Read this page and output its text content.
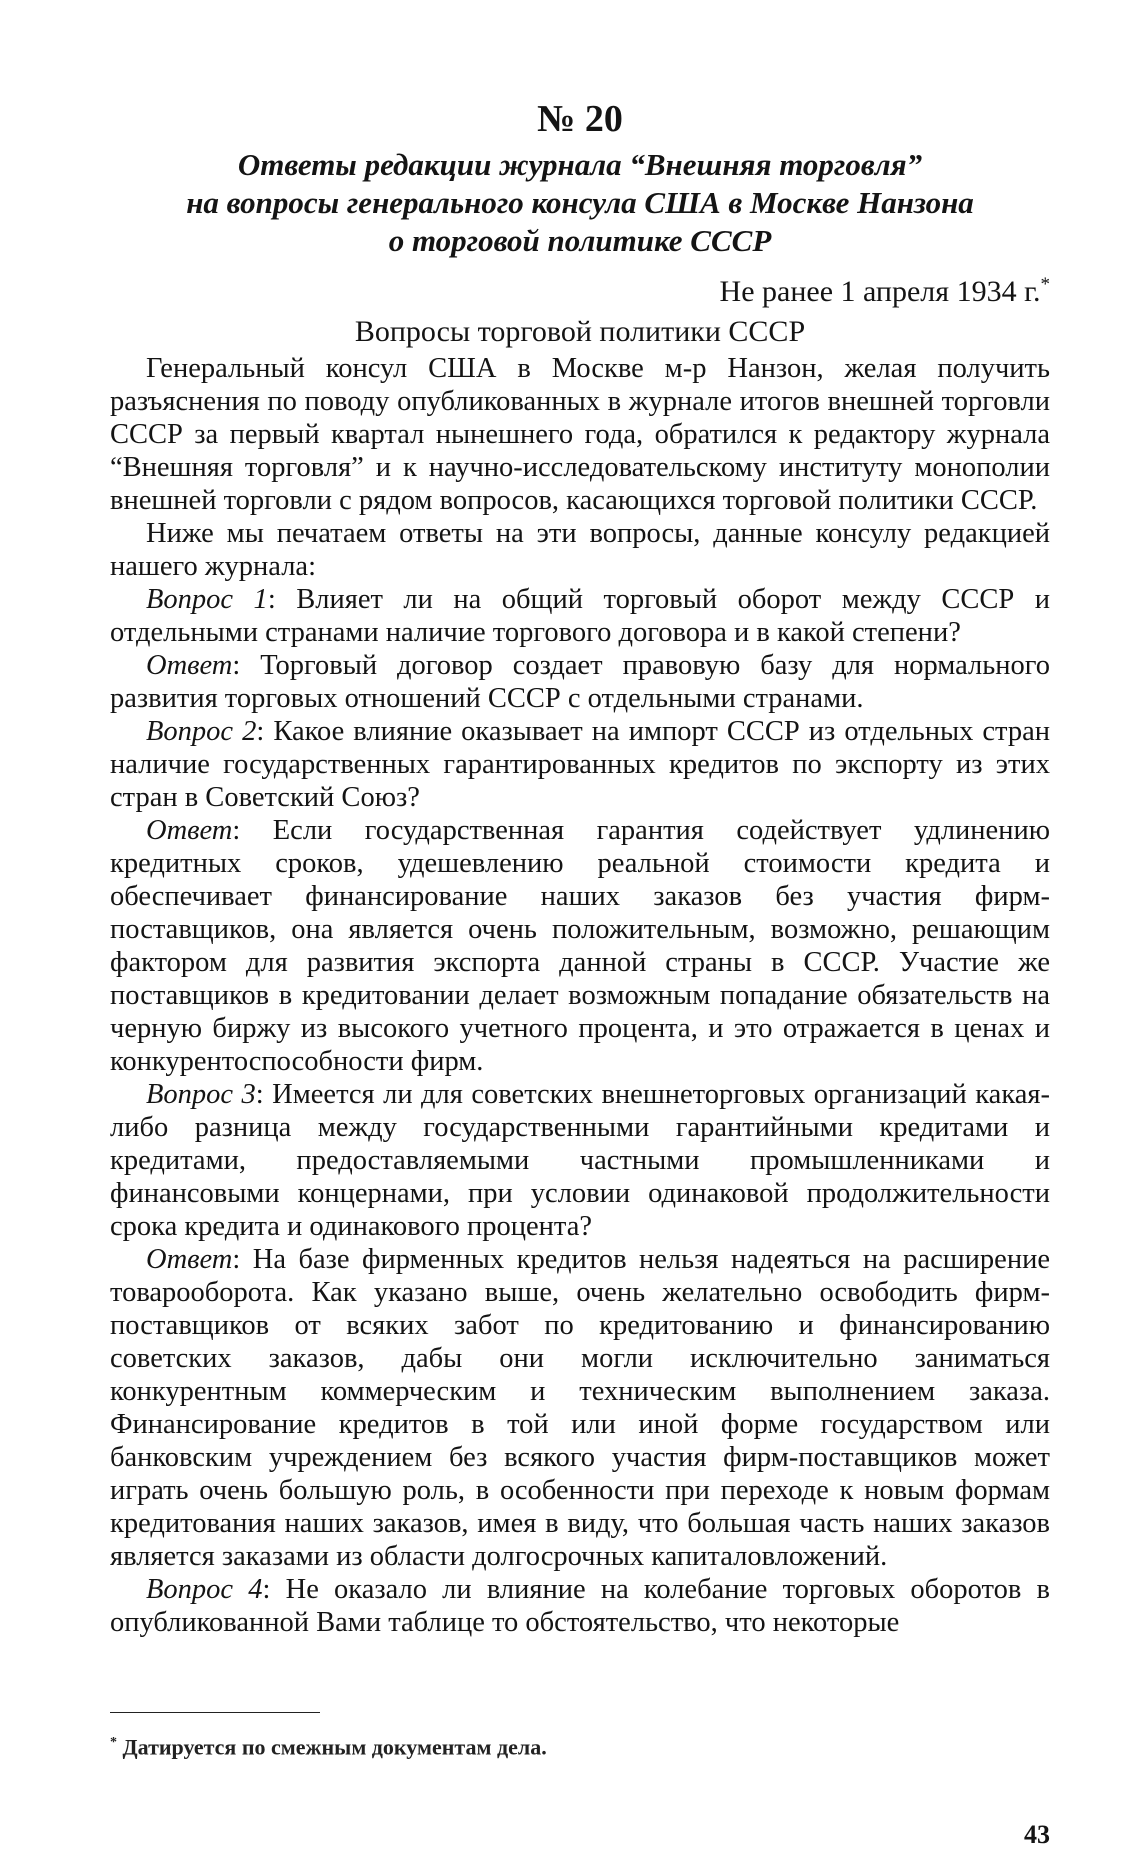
№ 20

Ответы редакции журнала “Внешняя торговля”

на вопросы генерального консула США в Москве Нанзона

о торговой политике СССР

Не ранее 1 апреля 1934 г.*

Вопросы торговой политики СССР

Генеральный консул США в Москве м-р Нанзон, желая получить разъяснения по поводу опубликованных в журнале итогов внешней торговли СССР за первый квартал нынешнего года, обратился к редактору журнала “Внешняя торговля” и к научно-исследовательскому институту монополии внешней торговли с рядом вопросов, касающихся торговой политики СССР.

Ниже мы печатаем ответы на эти вопросы, данные консулу редакцией нашего журнала:

Вопрос 1: Влияет ли на общий торговый оборот между СССР и отдельными странами наличие торгового договора и в какой степени?

Ответ: Торговый договор создает правовую базу для нормального развития торговых отношений СССР с отдельными странами.

Вопрос 2: Какое влияние оказывает на импорт СССР из отдельных стран наличие государственных гарантированных кредитов по экспорту из этих стран в Советский Союз?

Ответ: Если государственная гарантия содействует удлинению кредитных сроков, удешевлению реальной стоимости кредита и обеспечивает финансирование наших заказов без участия фирм-поставщиков, она является очень положительным, возможно, решающим фактором для развития экспорта данной страны в СССР. Участие же поставщиков в кредитовании делает возможным попадание обязательств на черную биржу из высокого учетного процента, и это отражается в ценах и конкурентоспособности фирм.

Вопрос 3: Имеется ли для советских внешнеторговых организаций какая-либо разница между государственными гарантийными кредитами и кредитами, предоставляемыми частными промышленниками и финансовыми концернами, при условии одинаковой продолжительности срока кредита и одинакового процента?

Ответ: На базе фирменных кредитов нельзя надеяться на расширение товарооборота. Как указано выше, очень желательно освободить фирм-поставщиков от всяких забот по кредитованию и финансированию советских заказов, дабы они могли исключительно заниматься конкурентным коммерческим и техническим выполнением заказа. Финансирование кредитов в той или иной форме государством или банковским учреждением без всякого участия фирм-поставщиков может играть очень большую роль, в особенности при переходе к новым формам кредитования наших заказов, имея в виду, что большая часть наших заказов является заказами из области долгосрочных капиталовложений.

Вопрос 4: Не оказало ли влияние на колебание торговых оборотов в опубликованной Вами таблице то обстоятельство, что некоторые

* Датируется по смежным документам дела.
43
